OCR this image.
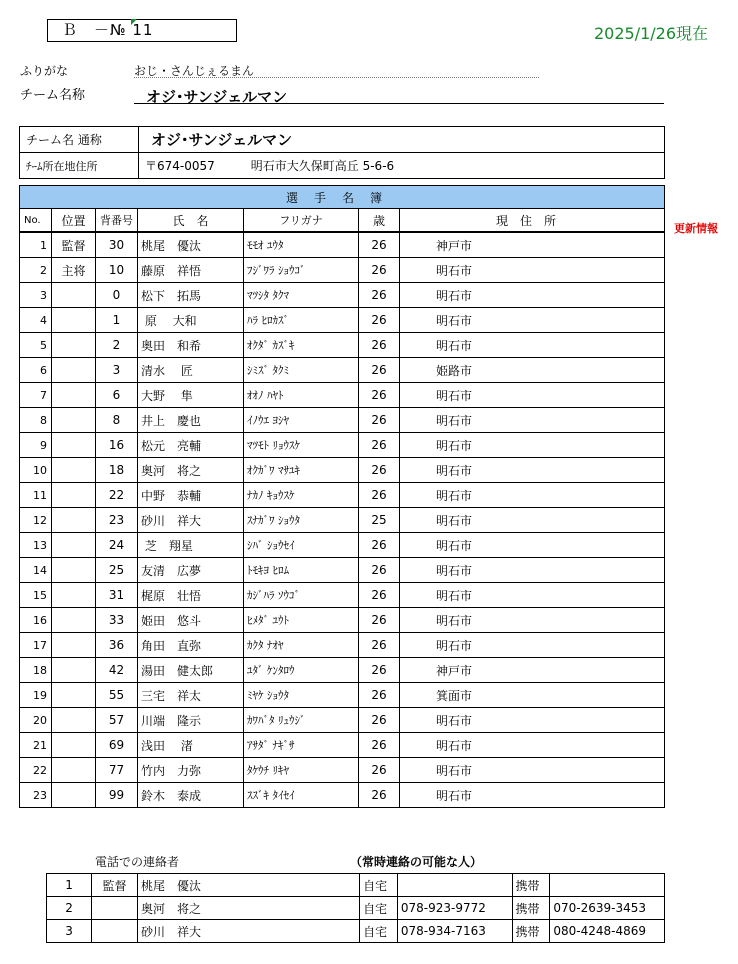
Ｂ　－№ 11	2025/1/26現在
ふりがな	おじ・さんじぇるまん
チーム名称	オジ･サンジェルマン
チーム名 通称	オジ･サンジェルマン
ﾁｰﾑ所在地住所	〒674-0057 明石市大久保町高丘 5-6-6
更新情報
選手名簿						
No.	位置	背番号	氏　名	フリガナ	歳	現住所
1	監督	30	桃尾　優汰	ﾓﾓｵ ﾕｳﾀ	26	神戸市
2	主将	10	藤原　祥悟	ﾌｼﾞﾜﾗ ｼｮｳｺﾞ	26	明石市
3		0	松下　拓馬	ﾏﾂｼﾀ ﾀｸﾏ	26	明石市
4		1	原　 大和	ﾊﾗ ﾋﾛｶｽﾞ	26	明石市
5		2	奥田　和希	ｵｸﾀﾞ ｶｽﾞｷ	26	明石市
6		3	清水　 匠	ｼﾐｽﾞ ﾀｸﾐ	26	姫路市
7		6	大野　 隼	ｵｵﾉ ﾊﾔﾄ	26	明石市
8		8	井上　慶也	ｲﾉｳｴ ﾖｼﾔ	26	明石市
9		16	松元　亮輔	ﾏﾂﾓﾄ ﾘｮｳｽｹ	26	明石市
10		18	奥河　将之	ｵｸｶﾞﾜ ﾏｻﾕｷ	26	明石市
11		22	中野　恭輔	ﾅｶﾉ ｷｮｳｽｹ	26	明石市
12		23	砂川　祥大	ｽﾅｶﾞﾜ ｼｮｳﾀ	25	明石市
13		24	芝　翔星	ｼﾊﾞ ｼｮｳｾｲ	26	明石市
14		25	友清　広夢	ﾄﾓｷﾖ ﾋﾛﾑ	26	明石市
15		31	梶原　壮悟	ｶｼﾞﾊﾗ ｿｳｺﾞ	26	明石市
16		33	姫田　悠斗	ﾋﾒﾀﾞ ﾕｳﾄ	26	明石市
17		36	角田　直弥	ｶｸﾀ ﾅｵﾔ	26	明石市
18		42	湯田　健太郎	ﾕﾀﾞ ｹﾝﾀﾛｳ	26	神戸市
19		55	三宅　祥太	ﾐﾔｹ ｼｮｳﾀ	26	箕面市
20		57	川端　隆示	ｶﾜﾊﾞﾀ ﾘｭｳｼﾞ	26	明石市
21		69	浅田　 渚	ｱｻﾀﾞ ﾅｷﾞｻ	26	明石市
22		77	竹内　力弥	ﾀｹｳﾁ ﾘｷﾔ	26	明石市
23		99	鈴木　泰成	ｽｽﾞｷ ﾀｲｾｲ	26	明石市
電話での連絡者	（常時連絡の可能な人）
1	監督	桃尾　優汰	自宅		携帯	
2		奥河　将之	自宅	078-923-9772	携帯	070-2639-3453
3		砂川　祥大	自宅	078-934-7163	携帯	080-4248-4869
